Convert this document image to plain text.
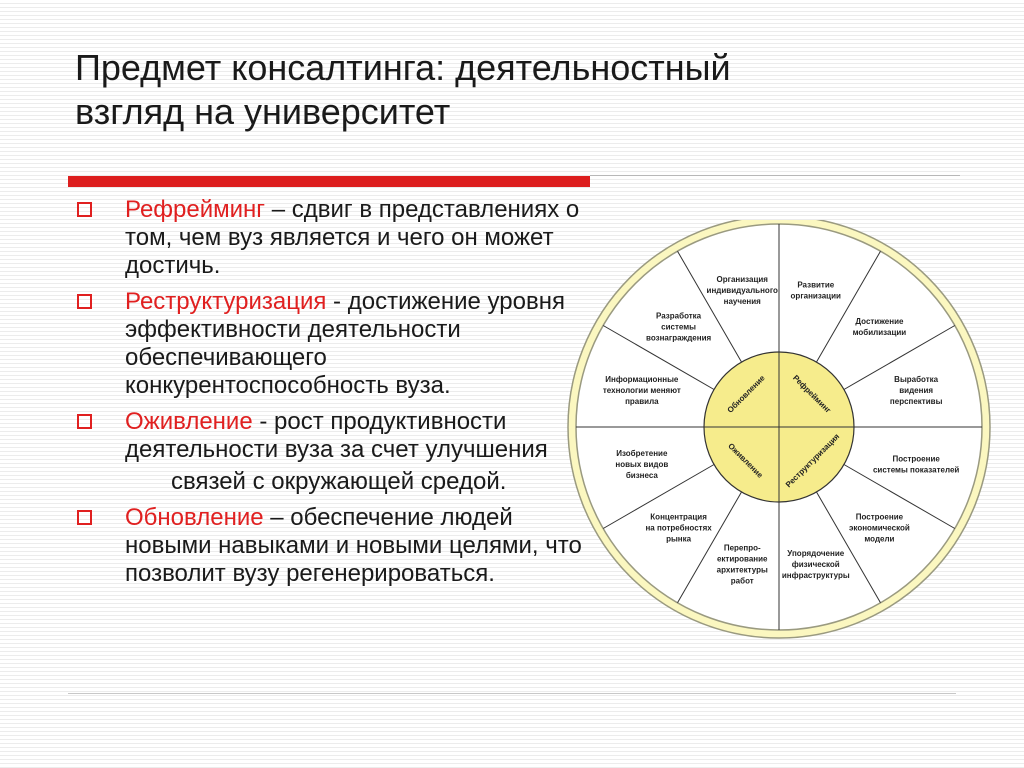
Предмет консалтинга: деятельностный
взгляд на университет
Рефрейминг – сдвиг в представлениях о том, чем вуз является и чего он может достичь.
Реструктуризация - достижение уровня эффективности деятельности обеспечивающего конкурентоспособность вуза.
Оживление - рост продуктивности деятельности вуза за счет улучшения
связей с окружающей средой.
Обновление – обеспечение людей новыми навыками и новыми целями, что позволит вузу регенерироваться.
Развитие организации
Достижение мобилизации
Выработка видения перспективы
Построение системы показателей
Построение экономической модели
Упорядочение физической инфраструктуры
Перепро-ектирование архитектуры работ
Концентрация на потребностях рынка
Изобретение новых видов бизнеса
Информационные технологии меняют правила
Разработка системы вознаграждения
Организация индивидуального научения
Рефрейминг
Обновление
Оживление Реструктуризация
